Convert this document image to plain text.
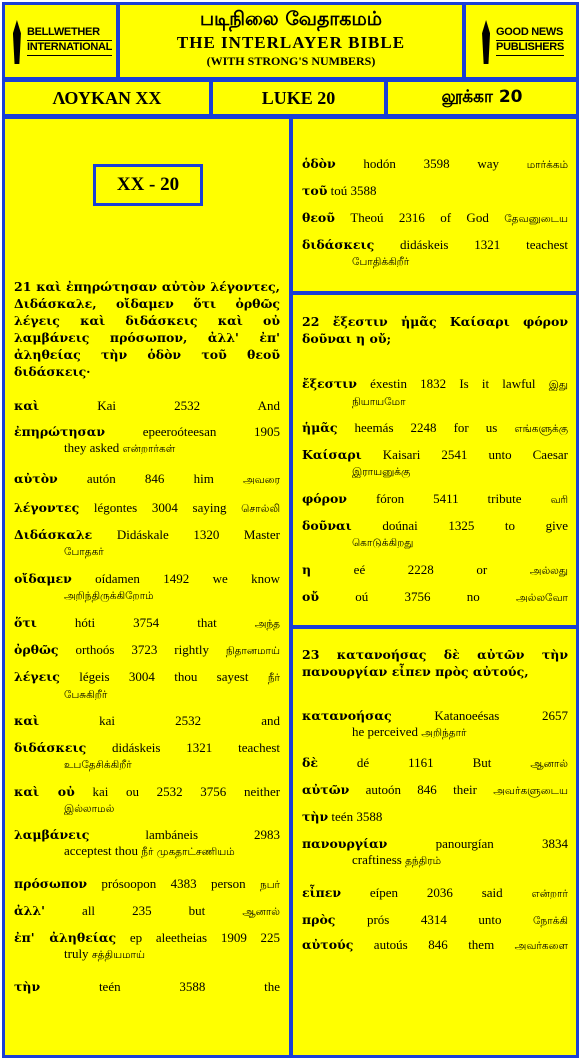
BELLWETHER
INTERNATIONAL
படிநிலை வேதாகமம்
THE INTERLAYER BIBLE
(WITH STRONG'S NUMBERS)
GOOD NEWS
PUBLISHERS
ΛΟΥΚΑΝ XX	LUKE 20	லூக்கா 20
XX - 20
21 καὶ ἐπηρώτησαν αὐτὸν λέγοντες, Διδάσκαλε, οἴδαμεν ὅτι ὀρθῶς λέγεις καὶ διδάσκεις καὶ οὐ λαμβάνεις πρόσωπον, ἀλλ' ἐπ' ἀληθείας τὴν ὁδὸν τοῦ θεοῦ διδάσκεις·
καὶ	Kai	2532	And
ἐπηρώτησαν	epeeroóteesan	1905
they asked என்றார்கள்
αὐτὸν autón 846 him	அவரை
λέγοντες légontes 3004 saying சொல்லி
Διδάσκαλε Didáskale 1320 Master
போதகர்
οἴδαμεν oídamen 1492 we know
அறிந்திருக்கிறோம்
ὅτι	hóti	3754	that	அந்த
ὀρθῶς orthoós 3723 rightly நிதானமாய்
λέγεις légeis 3004 thou sayest நீர்
பேசுகிறீர்
καὶ	kai	2532	and
διδάσκεις didáskeis 1321 teachest
உபதேசிக்கிறீர்
καὶ οὐ kai ou 2532 3756 neither
இல்லாமல்
λαμβάνεις	lambáneis	2983
acceptest thou நீர் முகதாட்சணியம்
πρόσωπον prósoopon 4383 person நபர்
ἀλλ'	all	235	but	ஆனால்
ἐπ' ἀληθείας ep aleetheias 1909 225
truly சத்தியமாய்
τὴν	teén	3588	the
ὁδὸν hodón 3598 way	மார்க்கம்
τοῦ toú 3588
θεοῦ Theoú 2316 of God தேவனுடைய
διδάσκεις didáskeis 1321 teachest
போதிக்கிறீர்
22 ἔξεστιν ἡμᾶς Καίσαρι φόρον δοῦναι η οὔ;
ἔξεστιν éxestin 1832 Is it lawful இது
நியாயமோ
ἡμᾶς heemás 2248 for us எங்களுக்கு
Καίσαρι Kaisari 2541 unto Caesar
இராயனுக்கு
φόρον fóron 5411 tribute	வரி
δοῦναι doúnai 1325 to give
கொடுக்கிறது
η	eé	2228	or	அல்லது
οὔ	oú	3756	no	அல்லவோ
23 κατανοήσας δὲ αὐτῶν τὴν πανουργίαν εἶπεν πρὸς αὐτούς,
κατανοήσας	Katanoeésas	2657
he perceived அறிந்தார்
δὲ	dé	1161	But	ஆனால்
αὐτῶν autoón 846 their அவர்களுடைய
τὴν teén 3588
πανουργίαν	panourgían	3834
craftiness தந்திரம்
εἶπεν eípen 2036 said	என்றார்
πρὸς prós 4314 unto	நோக்கி
αὐτούς autoús 846 them அவர்களை
